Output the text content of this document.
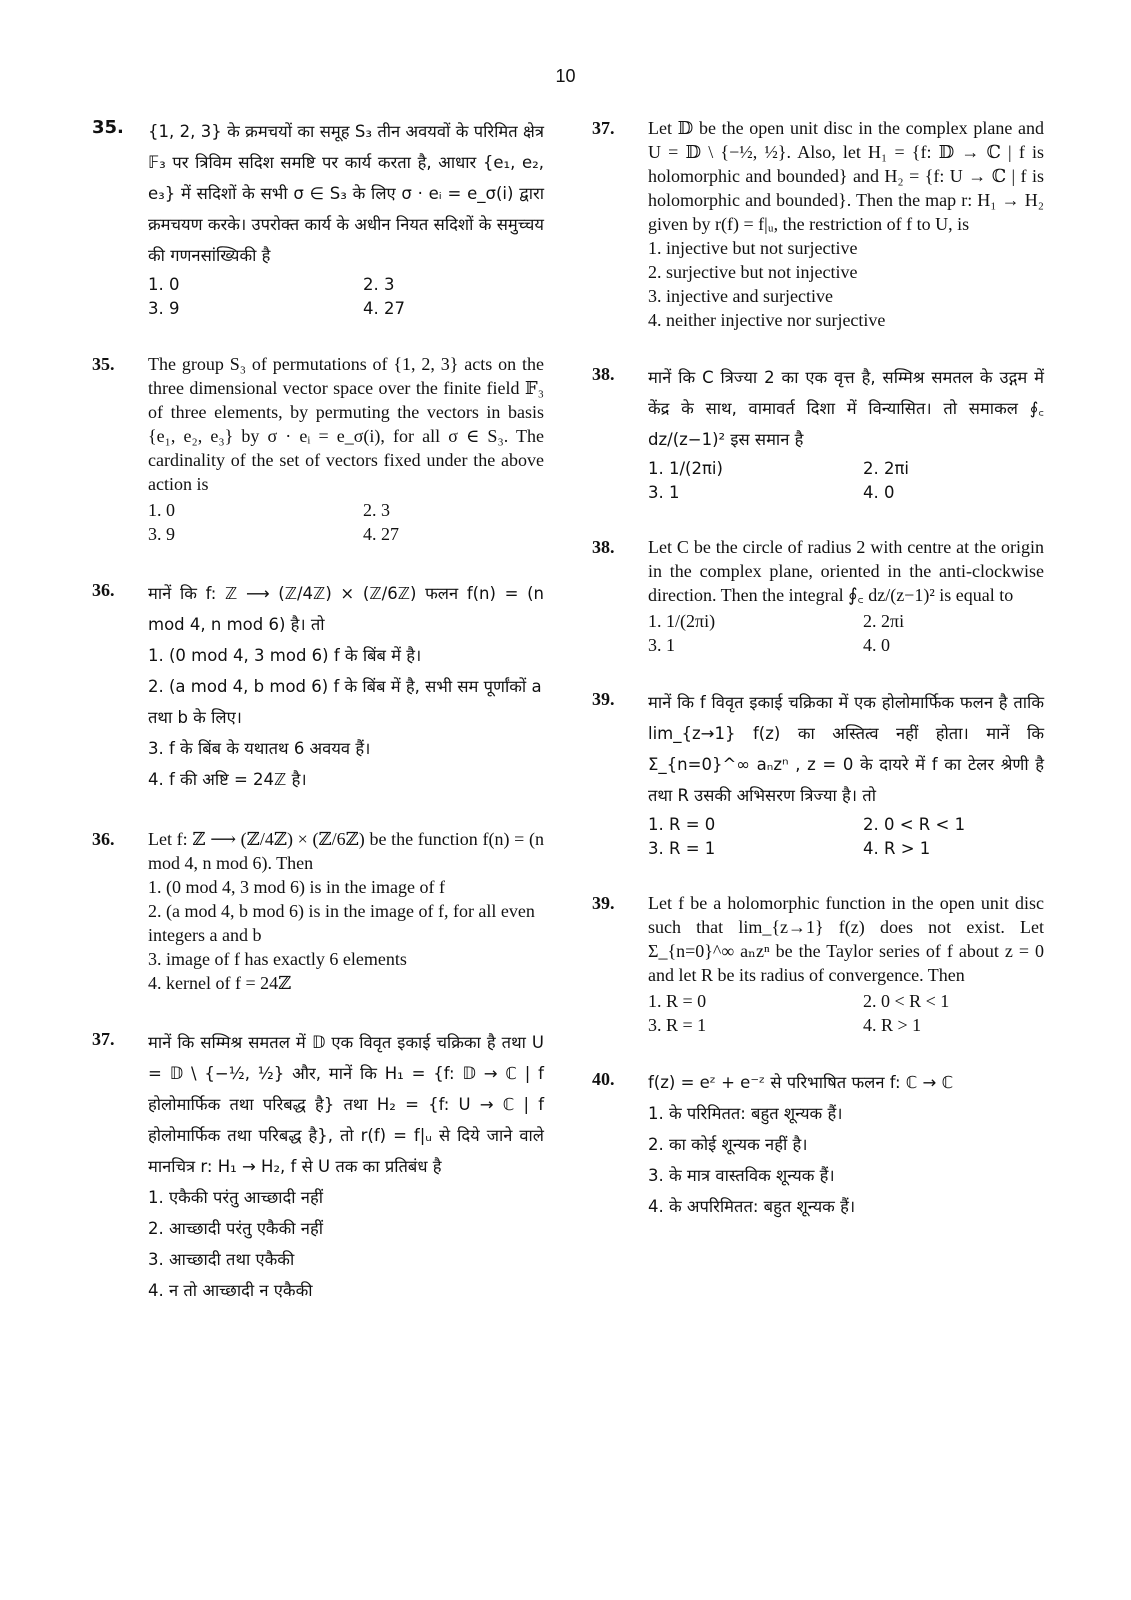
10
35.	{1, 2, 3} के क्रमचयों का समूह S₃ तीन अवयवों के परिमित क्षेत्र 𝔽₃ पर त्रिविम सदिश समष्टि पर कार्य करता है, आधार {e₁, e₂, e₃} में सदिशों के सभी σ ∈ S₃ के लिए σ · eᵢ = e_σ(i) द्वारा क्रमचयण करके। उपरोक्त कार्य के अधीन नियत सदिशों के समुच्चय की गणनसांख्यिकी है
1. 0	2. 3
3. 9	4. 27
35.	The group S₃ of permutations of {1, 2, 3} acts on the three dimensional vector space over the finite field 𝔽₃ of three elements, by permuting the vectors in basis {e₁, e₂, e₃} by σ · eᵢ = e_σ(i), for all σ ∈ S₃. The cardinality of the set of vectors fixed under the above action is
1. 0	2. 3
3. 9	4. 27
36.	मानें कि f: ℤ ⟶ (ℤ/4ℤ) × (ℤ/6ℤ) फलन f(n) = (n mod 4, n mod 6) है। तो
1. (0 mod 4, 3 mod 6) f के बिंब में है।
2. (a mod 4, b mod 6) f के बिंब में है, सभी सम पूर्णांकों a तथा b के लिए।
3. f के बिंब के यथातथ 6 अवयव हैं।
4. f की अष्टि = 24ℤ है।
36.	Let f: ℤ ⟶ (ℤ/4ℤ) × (ℤ/6ℤ) be the function f(n) = (n mod 4, n mod 6). Then
1. (0 mod 4, 3 mod 6) is in the image of f
2. (a mod 4, b mod 6) is in the image of f, for all even integers a and b
3. image of f has exactly 6 elements
4. kernel of f = 24ℤ
37.	मानें कि सम्मिश्र समतल में 𝔻 एक विवृत इकाई चक्रिका है तथा U = 𝔻 \ {−½, ½} और, मानें कि H₁ = {f: 𝔻 → ℂ | f होलोमार्फिक तथा परिबद्ध है} तथा H₂ = {f: U → ℂ | f होलोमार्फिक तथा परिबद्ध है}, तो r(f) = f|ᵤ से दिये जाने वाले मानचित्र r: H₁ → H₂, f से U तक का प्रतिबंध है
1. एकैकी परंतु आच्छादी नहीं
2. आच्छादी परंतु एकैकी नहीं
3. आच्छादी तथा एकैकी
4. न तो आच्छादी न एकैकी
37.	Let 𝔻 be the open unit disc in the complex plane and U = 𝔻 \ {−½, ½}. Also, let H₁ = {f: 𝔻 → ℂ | f is holomorphic and bounded} and H₂ = {f: U → ℂ | f is holomorphic and bounded}. Then the map r: H₁ → H₂ given by r(f) = f|ᵤ, the restriction of f to U, is
1. injective but not surjective
2. surjective but not injective
3. injective and surjective
4. neither injective nor surjective
38.	मानें कि C त्रिज्या 2 का एक वृत्त है, सम्मिश्र समतल के उद्गम में केंद्र के साथ, वामावर्त दिशा में विन्यासित। तो समाकल ∮꜀ dz/(z−1)² इस समान है
1. 1/(2πi)	2. 2πi
3. 1	4. 0
38.	Let C be the circle of radius 2 with centre at the origin in the complex plane, oriented in the anti-clockwise direction. Then the integral ∮꜀ dz/(z−1)² is equal to
1. 1/(2πi)	2. 2πi
3. 1	4. 0
39.	मानें कि f विवृत इकाई चक्रिका में एक होलोमार्फिक फलन है ताकि lim_{z→1} f(z) का अस्तित्व नहीं होता। मानें कि Σ_{n=0}^∞ aₙzⁿ , z = 0 के दायरे में f का टेलर श्रेणी है तथा R उसकी अभिसरण त्रिज्या है। तो
1. R = 0	2. 0 < R < 1
3. R = 1	4. R > 1
39.	Let f be a holomorphic function in the open unit disc such that lim_{z→1} f(z) does not exist. Let Σ_{n=0}^∞ aₙzⁿ be the Taylor series of f about z = 0 and let R be its radius of convergence. Then
1. R = 0	2. 0 < R < 1
3. R = 1	4. R > 1
40.	f(z) = eᶻ + e⁻ᶻ से परिभाषित फलन f: ℂ → ℂ
1. के परिमितत: बहुत शून्यक हैं।
2. का कोई शून्यक नहीं है।
3. के मात्र वास्तविक शून्यक हैं।
4. के अपरिमितत: बहुत शून्यक हैं।
